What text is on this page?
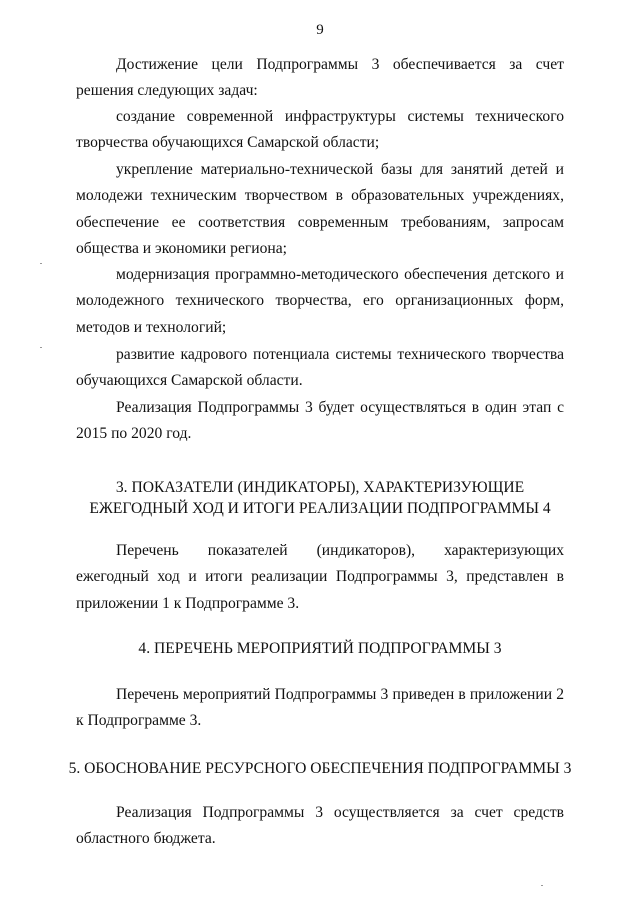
9
Достижение цели Подпрограммы 3 обеспечивается за счет решения следующих задач:
создание современной инфраструктуры системы технического творчества обучающихся Самарской области;
укрепление материально-технической базы для занятий детей и молодежи техническим творчеством в образовательных учреждениях, обеспечение ее соответствия современным требованиям, запросам общества и экономики региона;
модернизация программно-методического обеспечения детского и молодежного технического творчества, его организационных форм, методов и технологий;
развитие кадрового потенциала системы технического творчества обучающихся Самарской области.
Реализация Подпрограммы 3 будет осуществляться в один этап с 2015 по 2020 год.
3. ПОКАЗАТЕЛИ (ИНДИКАТОРЫ), ХАРАКТЕРИЗУЮЩИЕ
ЕЖЕГОДНЫЙ ХОД И ИТОГИ РЕАЛИЗАЦИИ ПОДПРОГРАММЫ 4
Перечень показателей (индикаторов), характеризующих ежегодный ход и итоги реализации Подпрограммы 3, представлен в приложении 1 к Подпрограмме 3.
4. ПЕРЕЧЕНЬ МЕРОПРИЯТИЙ ПОДПРОГРАММЫ 3
Перечень мероприятий Подпрограммы 3 приведен в приложении 2 к Подпрограмме 3.
5. ОБОСНОВАНИЕ РЕСУРСНОГО ОБЕСПЕЧЕНИЯ ПОДПРОГРАММЫ 3
Реализация Подпрограммы 3 осуществляется за счет средств областного бюджета.
